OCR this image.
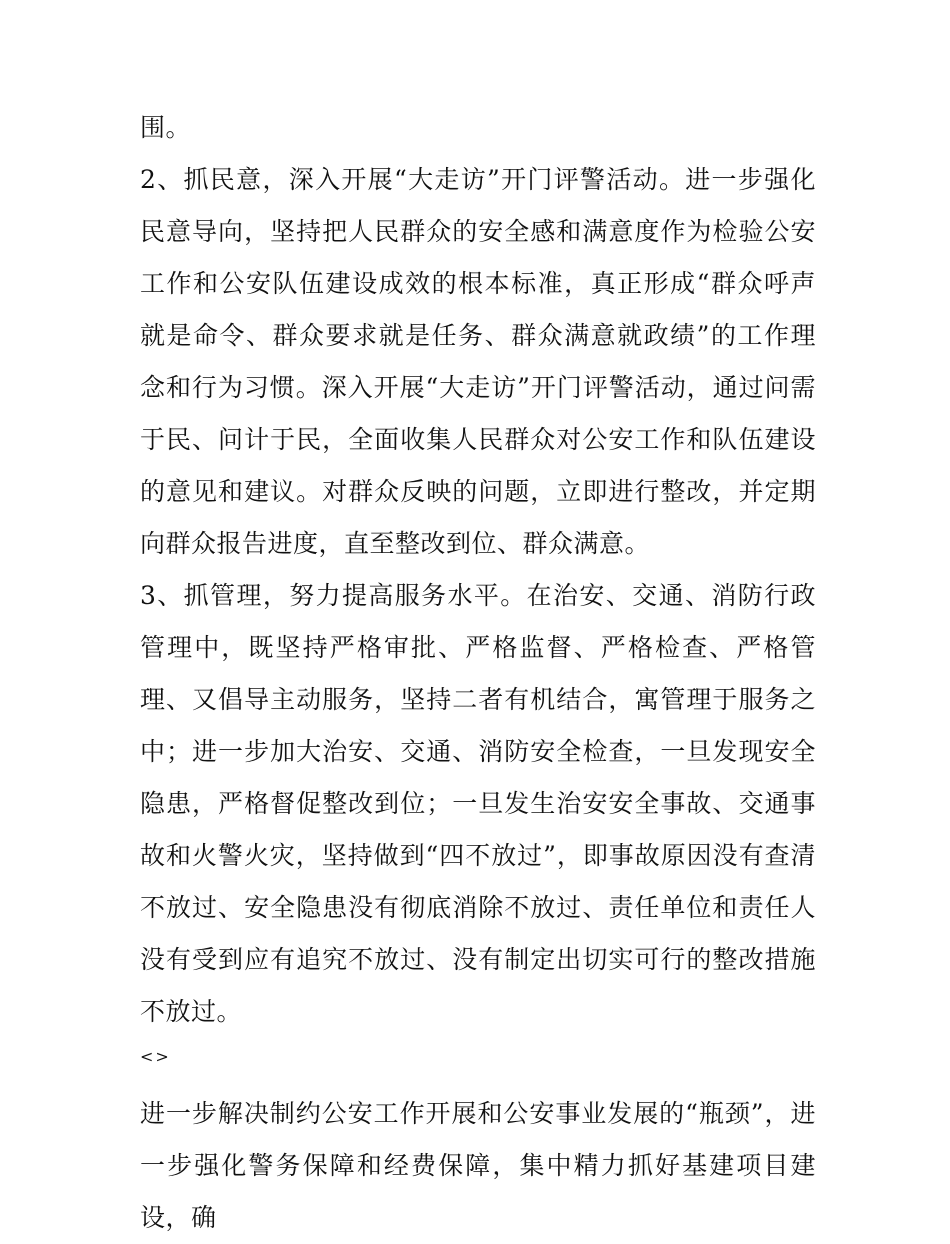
围。

2、抓民意，深入开展“大走访”开门评警活动。进一步强化民意导向，坚持把人民群众的安全感和满意度作为检验公安工作和公安队伍建设成效的根本标准，真正形成“群众呼声就是命令、群众要求就是任务、群众满意就政绩”的工作理念和行为习惯。深入开展“大走访”开门评警活动，通过问需于民、问计于民，全面收集人民群众对公安工作和队伍建设的意见和建议。对群众反映的问题，立即进行整改，并定期向群众报告进度，直至整改到位、群众满意。

3、抓管理，努力提高服务水平。在治安、交通、消防行政管理中，既坚持严格审批、严格监督、严格检查、严格管理、又倡导主动服务，坚持二者有机结合，寓管理于服务之中；进一步加大治安、交通、消防安全检查，一旦发现安全隐患，严格督促整改到位；一旦发生治安安全事故、交通事故和火警火灾，坚持做到“四不放过”，即事故原因没有查清不放过、安全隐患没有彻底消除不放过、责任单位和责任人没有受到应有追究不放过、没有制定出切实可行的整改措施不放过。

<>

进一步解决制约公安工作开展和公安事业发展的“瓶颈”，进一步强化警务保障和经费保障，集中精力抓好基建项目建设，确
